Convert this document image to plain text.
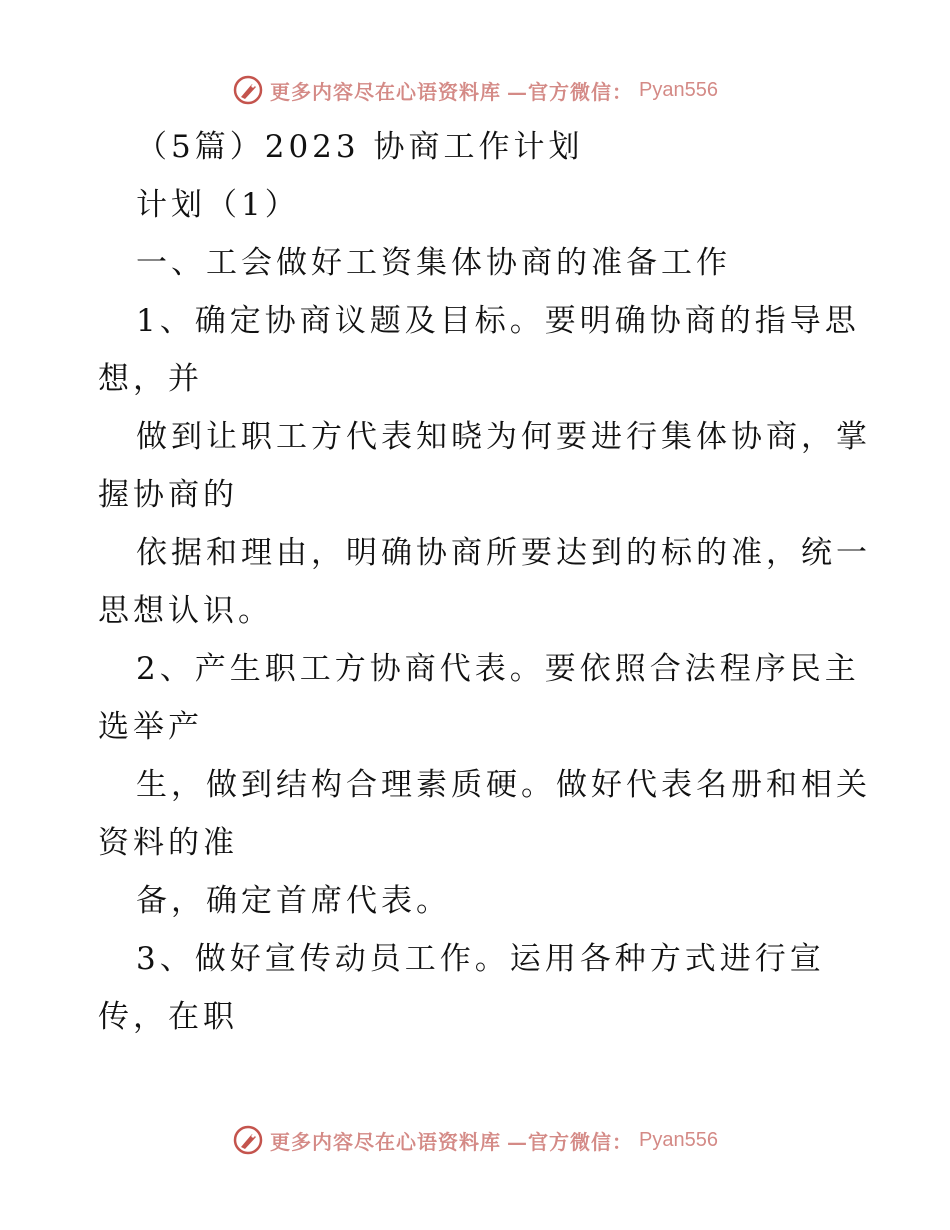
更多内容尽在心语资料库 —官方微信： Pyan556
（5篇）2023 协商工作计划
计划（1）
一、工会做好工资集体协商的准备工作
1、确定协商议题及目标。要明确协商的指导思
想，并
做到让职工方代表知晓为何要进行集体协商，掌
握协商的
依据和理由，明确协商所要达到的标的准，统一
思想认识。
2、产生职工方协商代表。要依照合法程序民主
选举产
生，做到结构合理素质硬。做好代表名册和相关
资料的准
备，确定首席代表。
3、做好宣传动员工作。运用各种方式进行宣
传，在职
更多内容尽在心语资料库 —官方微信： Pyan556
